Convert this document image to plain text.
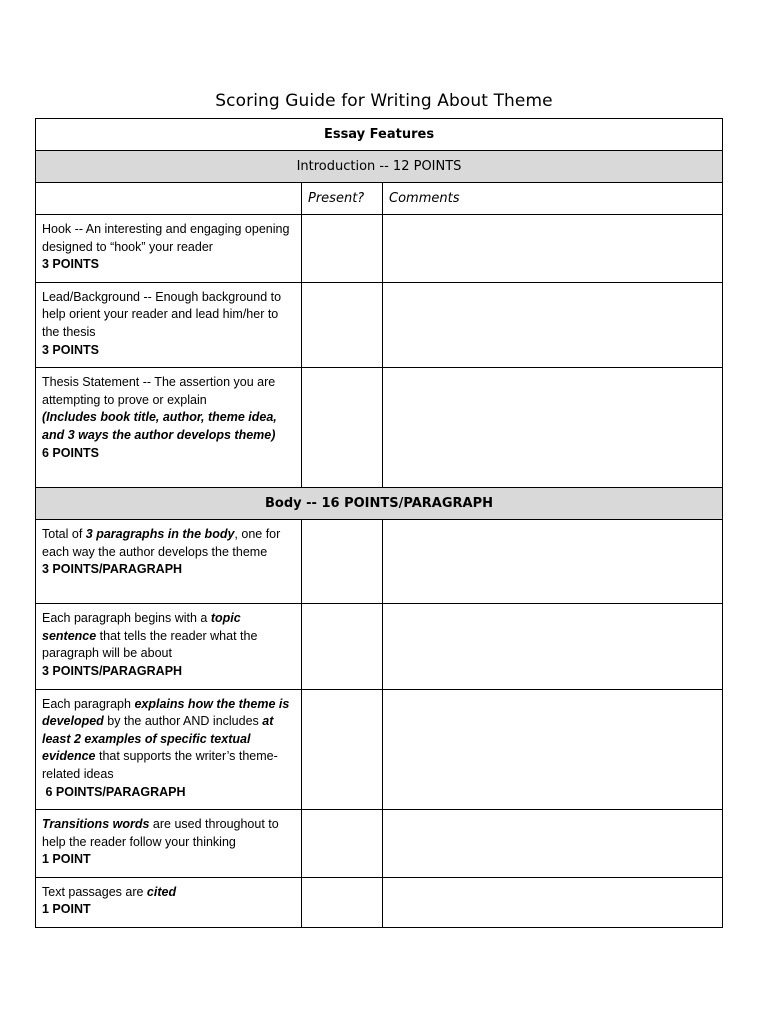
Scoring Guide for Writing About Theme
Essay Features		
Introduction -- 12 POINTS		
	Present?	Comments
Hook -- An interesting and engaging opening designed to “hook” your reader
3 POINTS		

Lead/Background -- Enough background to help orient your reader and lead him/her to the thesis
3 POINTS		

Thesis Statement -- The assertion you are attempting to prove or explain
(Includes book title, author, theme idea, and 3 ways the author develops theme)
6 POINTS		

Body -- 16 POINTS/PARAGRAPH		
Total of 3 paragraphs in the body, one for each way the author develops the theme
3 POINTS/PARAGRAPH		

Each paragraph begins with a topic sentence that tells the reader what the paragraph will be about
3 POINTS/PARAGRAPH		

Each paragraph explains how the theme is developed by the author AND includes at least 2 examples of specific textual evidence that supports the writer’s theme-related ideas
6 POINTS/PARAGRAPH		

Transitions words are used throughout to help the reader follow your thinking
1 POINT		

Text passages are cited
1 POINT		
